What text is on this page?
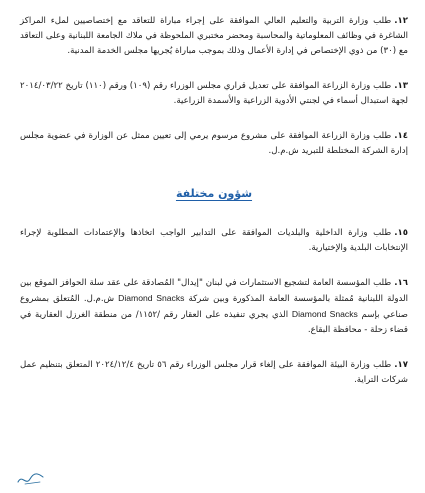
١٢.طلب وزارة التربية والتعليم العالي الموافقة على إجراء مباراة للتعاقد مع إختصاصيين لملء المراكز الشاغرة في وظائف المعلوماتية والمحاسبة ومحضر مختبري الملحوظة في ملاك الجامعة اللبنانية وعلى التعاقد مع (٣٠) من ذوي الإختصاص في إدارة الأعمال وذلك بموجب مباراة يُجريها مجلس الخدمة المدنية.

١٣.طلب وزارة الزراعة الموافقة على تعديل قراري مجلس الوزراء رقم (١٠٩) ورقم (١١٠) تاريخ ٢٠١٤/٠٣/٢٢ لجهة استبدال أسماء في لجنتي الأدوية الزراعية والأسمدة الزراعية.

١٤.طلب وزارة الزراعة الموافقة على مشروع مرسوم يرمي إلى تعيين ممثل عن الوزارة في عضوية مجلس إدارة الشركة المختلطة للتبريد ش.م.ل.

شؤون مختلفة

١٥.طلب وزارة الداخلية والبلديات الموافقة على التدابير الواجب اتخاذها والإعتمادات المطلوبة لإجراء الإنتخابات البلدية والإختيارية.

١٦.طلب المؤسسة العامة لتشجيع الاستثمارات في لبنان "إيدال" المُصادقة على عقد سلة الحوافز الموقع بين الدولة اللبنانية مُمثلة بالمؤسسة العامة المذكورة وبين شركة Diamond Snacks ش.م.ل. المُتعلق بمشروع صناعي بإسم Diamond Snacks الذي يجري تنفيذه على العقار رقم /١١٥٢/ من منطقة الغرزل العقارية في قضاء زحلة - محافظة البقاع.

١٧.طلب وزارة البيئة الموافقة على إلغاء قرار مجلس الوزراء رقم ٥٦ تاريخ ٢٠٢٤/١٢/٤ المتعلق بتنظيم عمل شركات التراية.
